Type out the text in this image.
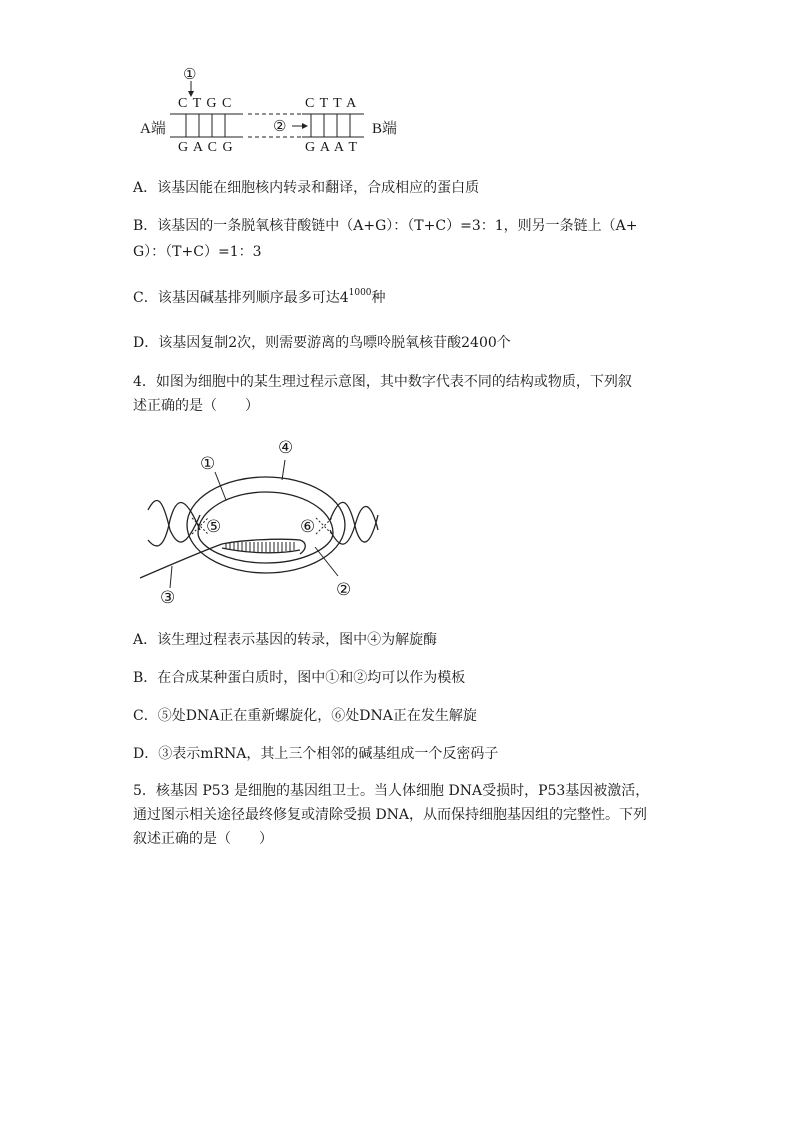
①
②
C T G C
G A C G
C T T A
G A A T
A端	B端
A．该基因能在细胞核内转录和翻译，合成相应的蛋白质
B．该基因的一条脱氧核苷酸链中（A+G）：（T+C）=3：1，则另一条链上（A+
G）：（T+C）=1：3
C．该基因碱基排列顺序最多可达$4^{1000}$种
D．该基因复制2次，则需要游离的鸟嘌呤脱氧核苷酸2400个
4．如图为细胞中的某生理过程示意图，其中数字代表不同的结构或物质，下列叙
述正确的是（　　）
①
④
⑤	⑥
③	②
A．该生理过程表示基因的转录，图中④为解旋酶
B．在合成某种蛋白质时，图中①和②均可以作为模板
C．⑤处DNA正在重新螺旋化，⑥处DNA正在发生解旋
D．③表示mRNA，其上三个相邻的碱基组成一个反密码子
5．核基因 P53 是细胞的基因组卫士。当人体细胞 DNA受损时，P53基因被激活，
通过图示相关途径最终修复或清除受损 DNA，从而保持细胞基因组的完整性。下列
叙述正确的是（　　）
